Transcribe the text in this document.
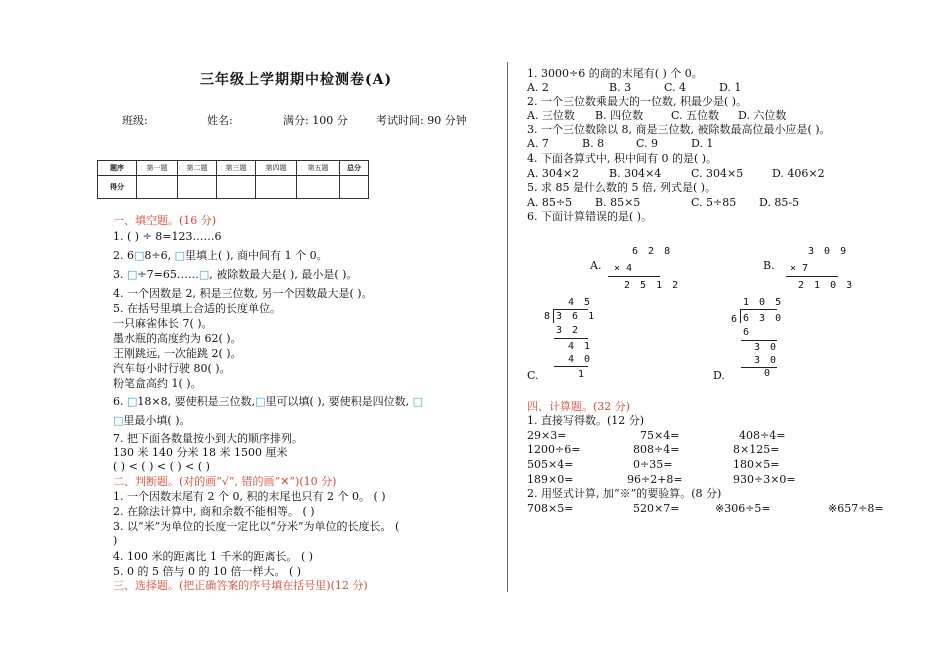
三年级上学期期中检测卷(A)
班级:	姓名:	满分: 100 分	考试时间: 90 分钟
题序	第一题	第二题	第三题	第四题	第五题	总分
得分						
一、填空题。(16 分)
1. ( ) ÷ 8=123……6
2. 6□8÷6, □里填上( ), 商中间有 1 个 0。
3. □÷7=65……□, 被除数最大是( ), 最小是( )。
4. 一个因数是 2, 积是三位数, 另一个因数最大是( )。
5. 在括号里填上合适的长度单位。
一只麻雀体长 7( )。
墨水瓶的高度约为 62( )。
王刚跳远, 一次能跳 2( )。
汽车每小时行驶 80( )。
粉笔盒高约 1( )。
6. □18×8, 要使积是三位数,□里可以填( ), 要使积是四位数, □
□里最小填( )。
7. 把下面各数量按小到大的顺序排列。
130 米 140 分米 18 米 1500 厘米
( ) < ( ) < ( ) < ( )
二、判断题。(对的画“√”, 错的画“✕”)(10 分)
1. 一个因数末尾有 2 个 0, 积的末尾也只有 2 个 0。 ( )
2. 在除法计算中, 商和余数不能相等。 ( )
3. 以“米”为单位的长度一定比以“分米”为单位的长度长。 (
)
4. 100 米的距离比 1 千米的距离长。 ( )
5. 0 的 5 倍与 0 的 10 倍一样大。 ( )
三、选择题。(把正确答案的序号填在括号里)(12 分)
1. 3000÷6 的商的末尾有( ) 个 0。
A. 2	B. 3	C. 4	D. 1
2. 一个三位数乘最大的一位数, 积最少是( )。
A. 三位数 B. 四位数	C. 五位数 D. 六位数
3. 一个三位数除以 8, 商是三位数, 被除数最高位最小应是( )。
A. 7	B. 8	C. 9	D. 1
4. 下面各算式中, 积中间有 0 的是( )。
A. 304×2	B. 304×4	C. 304×5	D. 406×2
5. 求 85 是什么数的 5 倍, 列式是( )。
A. 85÷5 B. 85×5	C. 5÷85 D. 85-5
6. 下面计算错误的是( )。
A.
6 2 8
× 4
2 5 1 2
B.
3 0 9
× 7
2 1 0 3
4 5
8 3 6 1
3 2
4 1
4 0
C.	1
1 0 5
6 6 3 0
6
3 0
3 0
D.	0
四、计算题。(32 分)
1. 直接写得数。(12 分)
29×3=	75×4=	408÷4=
1200÷6=	808÷4=	8×125=
505×4=	0÷35=	180×5=
189×0=	96÷2+8=	930÷3×0=
2. 用竖式计算, 加“※”的要验算。(8 分)
708×5=	520×7=	※306÷5=	※657÷8=
